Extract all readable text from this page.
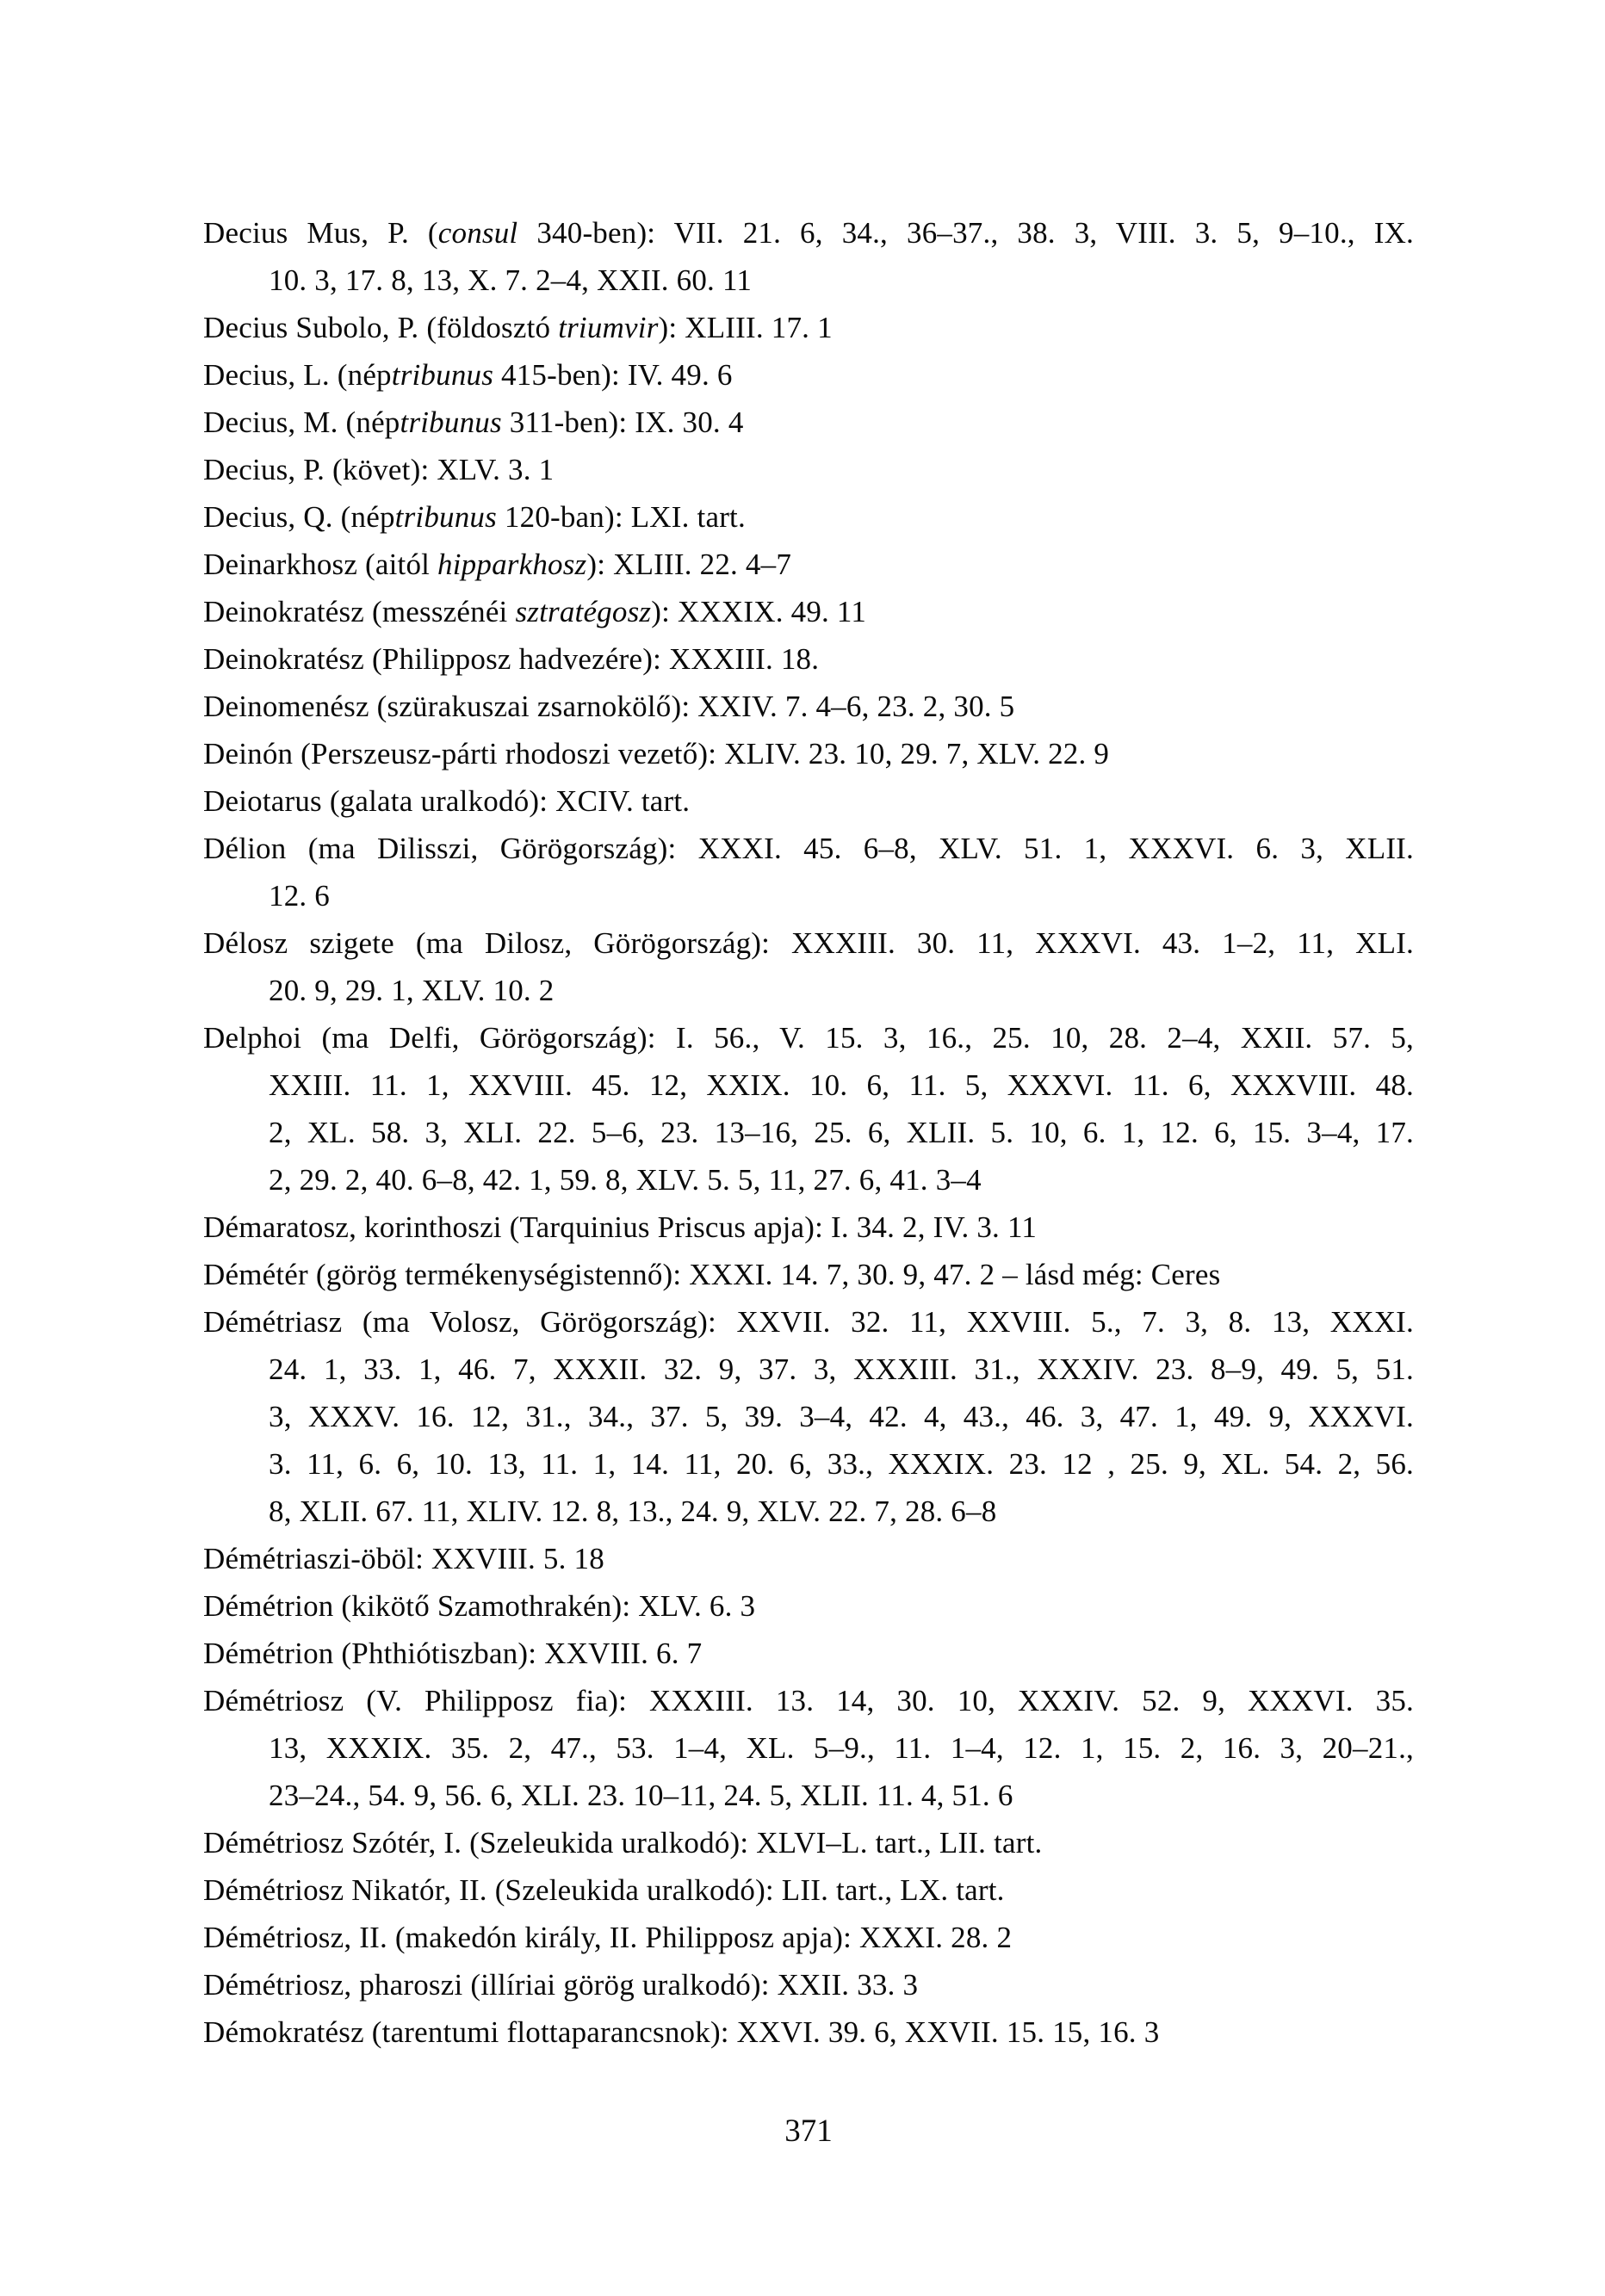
Decius Mus, P. (consul 340-ben): VII. 21. 6, 34., 36–37., 38. 3, VIII. 3. 5, 9–10., IX.
10. 3, 17. 8, 13, X. 7. 2–4, XXII. 60. 11
Decius Subolo, P. (földosztó triumvir): XLIII. 17. 1
Decius, L. (néptribunus 415-ben): IV. 49. 6
Decius, M. (néptribunus 311-ben): IX. 30. 4
Decius, P. (követ): XLV. 3. 1
Decius, Q. (néptribunus 120-ban): LXI. tart.
Deinarkhosz (aitól hipparkhosz): XLIII. 22. 4–7
Deinokratész (messzénéi sztratégosz): XXXIX. 49. 11
Deinokratész (Philipposz hadvezére): XXXIII. 18.
Deinomenész (szürakuszai zsarnokölő): XXIV. 7. 4–6, 23. 2, 30. 5
Deinón (Perszeusz-párti rhodoszi vezető): XLIV. 23. 10, 29. 7, XLV. 22. 9
Deiotarus (galata uralkodó): XCIV. tart.
Délion (ma Dilisszi, Görögország): XXXI. 45. 6–8, XLV. 51. 1, XXXVI. 6. 3, XLII.
12. 6
Délosz szigete (ma Dilosz, Görögország): XXXIII. 30. 11, XXXVI. 43. 1–2, 11, XLI.
20. 9, 29. 1, XLV. 10. 2
Delphoi (ma Delfi, Görögország): I. 56., V. 15. 3, 16., 25. 10, 28. 2–4, XXII. 57. 5,
XXIII. 11. 1, XXVIII. 45. 12, XXIX. 10. 6, 11. 5, XXXVI. 11. 6, XXXVIII. 48.
2, XL. 58. 3, XLI. 22. 5–6, 23. 13–16, 25. 6, XLII. 5. 10, 6. 1, 12. 6, 15. 3–4, 17.
2, 29. 2, 40. 6–8, 42. 1, 59. 8, XLV. 5. 5, 11, 27. 6, 41. 3–4
Démaratosz, korinthoszi (Tarquinius Priscus apja): I. 34. 2, IV. 3. 11
Démétér (görög termékenységistennő): XXXI. 14. 7, 30. 9, 47. 2 – lásd még: Ceres
Démétriasz (ma Volosz, Görögország): XXVII. 32. 11, XXVIII. 5., 7. 3, 8. 13, XXXI.
24. 1, 33. 1, 46. 7, XXXII. 32. 9, 37. 3, XXXIII. 31., XXXIV. 23. 8–9, 49. 5, 51.
3, XXXV. 16. 12, 31., 34., 37. 5, 39. 3–4, 42. 4, 43., 46. 3, 47. 1, 49. 9, XXXVI.
3. 11, 6. 6, 10. 13, 11. 1, 14. 11, 20. 6, 33., XXXIX. 23. 12 , 25. 9, XL. 54. 2, 56.
8, XLII. 67. 11, XLIV. 12. 8, 13., 24. 9, XLV. 22. 7, 28. 6–8
Démétriaszi-öböl: XXVIII. 5. 18
Démétrion (kikötő Szamothrakén): XLV. 6. 3
Démétrion (Phthiótiszban): XXVIII. 6. 7
Démétriosz (V. Philipposz fia): XXXIII. 13. 14, 30. 10, XXXIV. 52. 9, XXXVI. 35.
13, XXXIX. 35. 2, 47., 53. 1–4, XL. 5–9., 11. 1–4, 12. 1, 15. 2, 16. 3, 20–21.,
23–24., 54. 9, 56. 6, XLI. 23. 10–11, 24. 5, XLII. 11. 4, 51. 6
Démétriosz Szótér, I. (Szeleukida uralkodó): XLVI–L. tart., LII. tart.
Démétriosz Nikatór, II. (Szeleukida uralkodó): LII. tart., LX. tart.
Démétriosz, II. (makedón király, II. Philipposz apja): XXXI. 28. 2
Démétriosz, pharoszi (illíriai görög uralkodó): XXII. 33. 3
Démokratész (tarentumi flottaparancsnok): XXVI. 39. 6, XXVII. 15. 15, 16. 3
371
